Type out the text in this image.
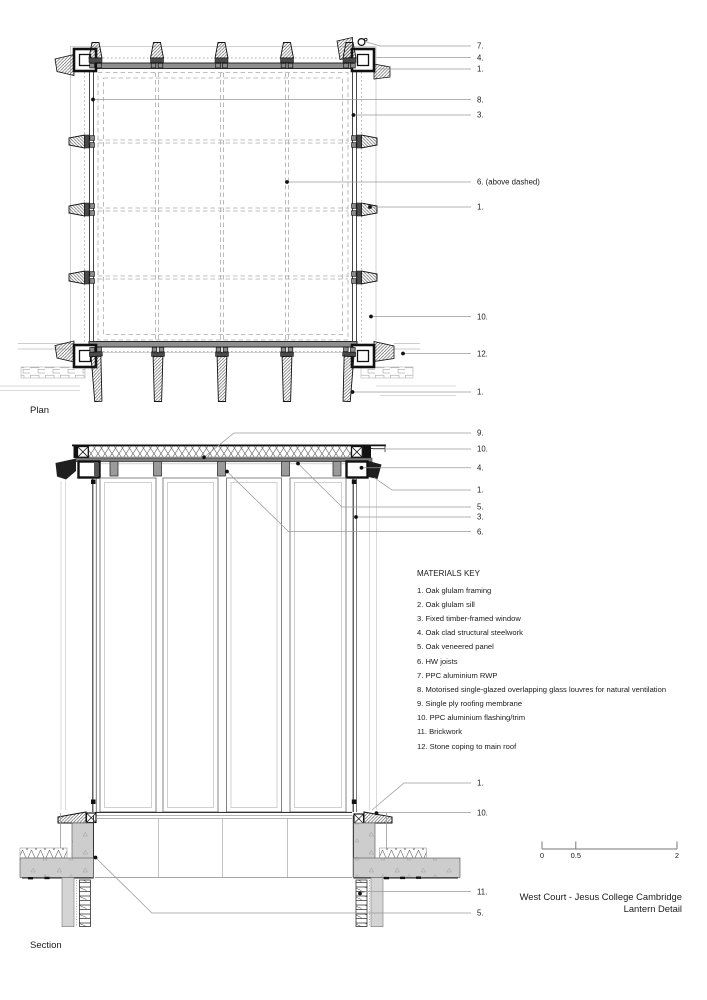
Plan
Section
7.
4.
1.
8.
3.
6. (above dashed)
1.
10.
12.
1.
9.
10.
4.
1.
5.
3.
6.
1.
10.
11.
5.
MATERIALS KEY
1. Oak glulam framing
2. Oak glulam sill
3. Fixed timber-framed window
4. Oak clad structural steelwork
5. Oak veneered panel
6. HW joists
7. PPC aluminium RWP
8. Motorised single-glazed overlapping glass louvres for natural ventilation
9. Single ply roofing membrane
10. PPC aluminium flashing/trim
11. Brickwork
12. Stone coping to main roof
0	0.5	2
West Court - Jesus College Cambridge
Lantern Detail
